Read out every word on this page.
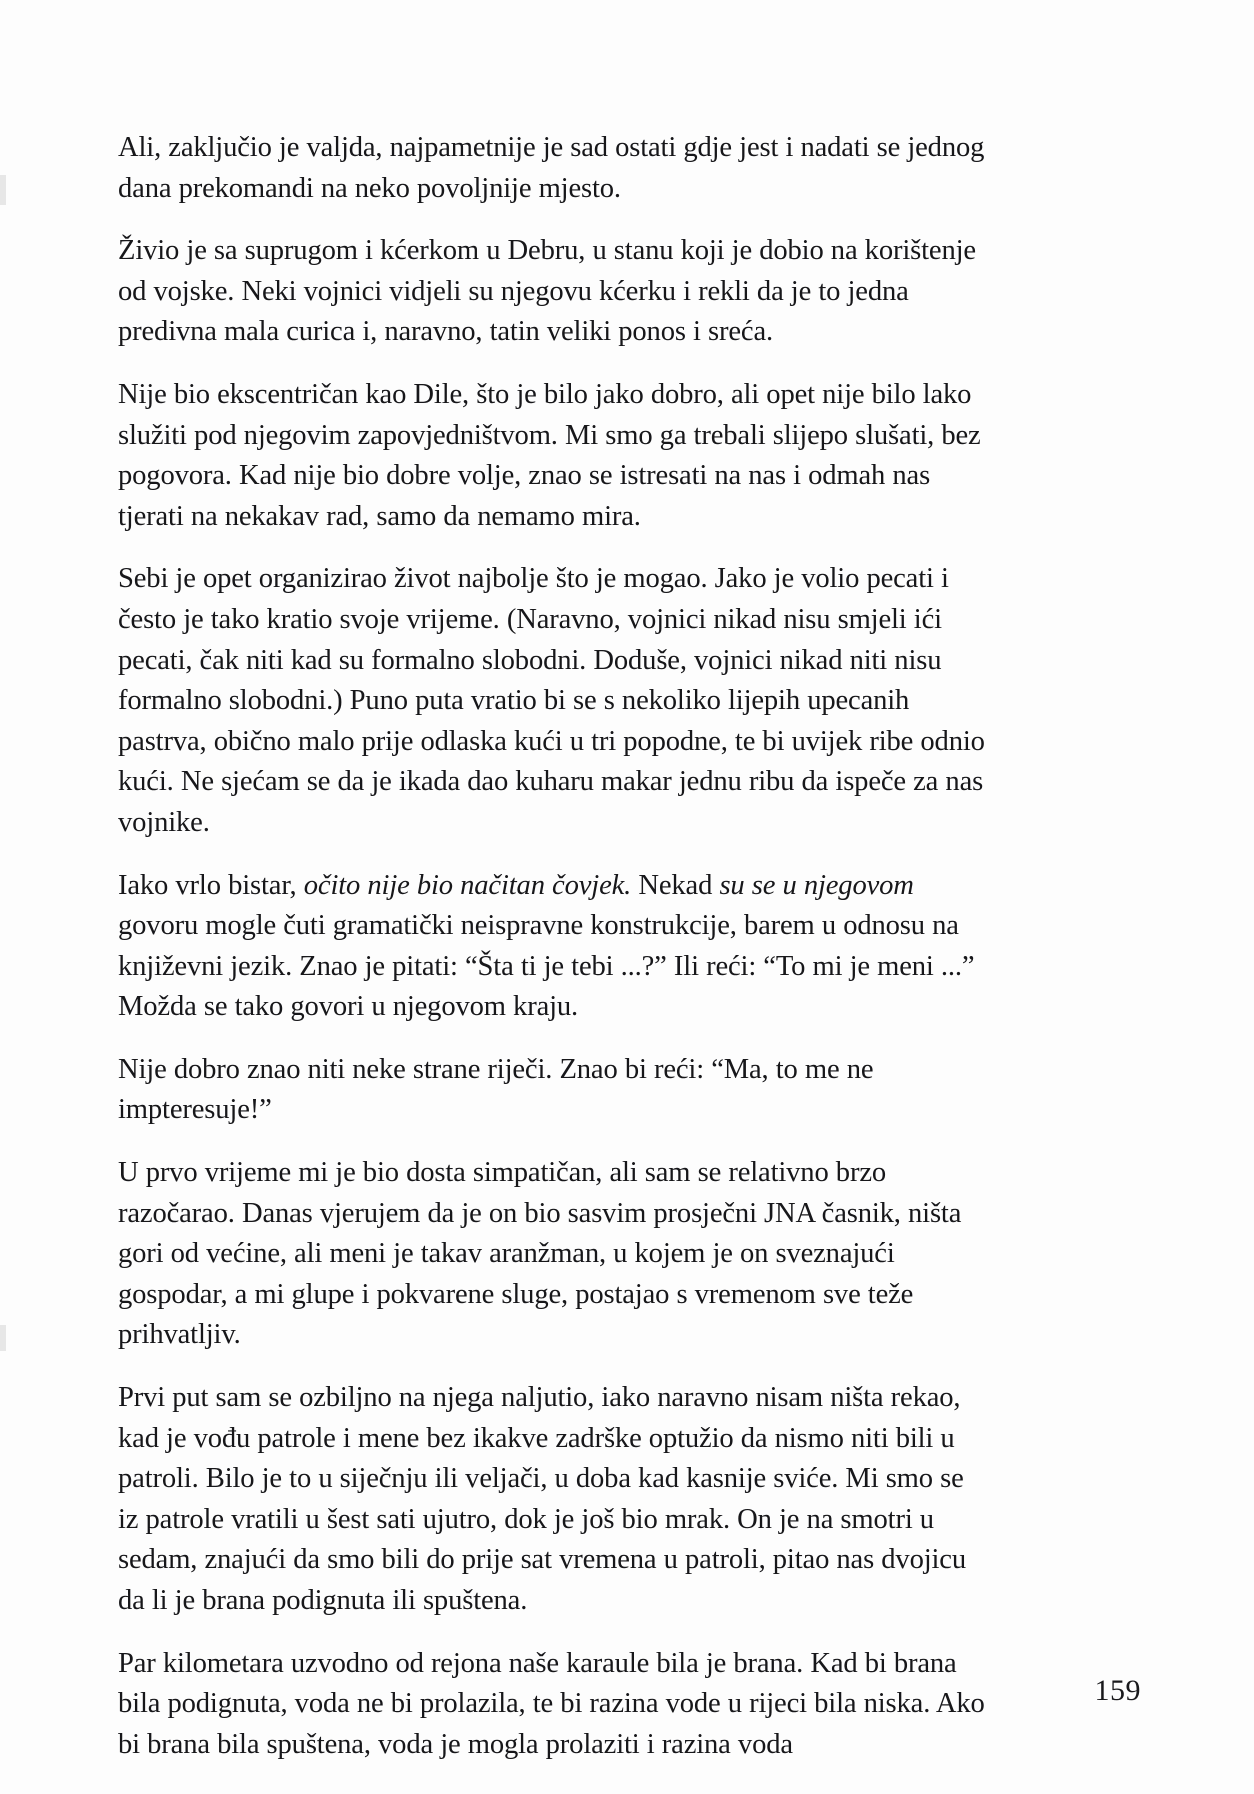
Ali, zaključio je valjda, najpametnije je sad ostati gdje jest i nadati se jednog dana prekomandi na neko povoljnije mjesto.

Živio je sa suprugom i kćerkom u Debru, u stanu koji je dobio na korištenje od vojske. Neki vojnici vidjeli su njegovu kćerku i rekli da je to jedna predivna mala curica i, naravno, tatin veliki ponos i sreća.

Nije bio ekscentričan kao Dile, što je bilo jako dobro, ali opet nije bilo lako služiti pod njegovim zapovjedništvom. Mi smo ga trebali slijepo slušati, bez pogovora. Kad nije bio dobre volje, znao se istresati na nas i odmah nas tjerati na nekakav rad, samo da nemamo mira.

Sebi je opet organizirao život najbolje što je mogao. Jako je volio pecati i često je tako kratio svoje vrijeme. (Naravno, vojnici nikad nisu smjeli ići pecati, čak niti kad su formalno slobodni. Doduše, vojnici nikad niti nisu formalno slobodni.) Puno puta vratio bi se s nekoliko lijepih upecanih pastrva, obično malo prije odlaska kući u tri popodne, te bi uvijek ribe odnio kući. Ne sjećam se da je ikada dao kuharu makar jednu ribu da ispeče za nas vojnike.

Iako vrlo bistar, očito nije bio načitan čovjek. Nekad su se u njegovom govoru mogle čuti gramatički neispravne konstrukcije, barem u odnosu na književni jezik. Znao je pitati: “Šta ti je tebi ...?” Ili reći: “To mi je meni ...” Možda se tako govori u njegovom kraju.

Nije dobro znao niti neke strane riječi. Znao bi reći: “Ma, to me ne impteresuje!”

U prvo vrijeme mi je bio dosta simpatičan, ali sam se relativno brzo razočarao. Danas vjerujem da je on bio sasvim prosječni JNA časnik, ništa gori od većine, ali meni je takav aranžman, u kojem je on sveznajući gospodar, a mi glupe i pokvarene sluge, postajao s vremenom sve teže prihvatljiv.

Prvi put sam se ozbiljno na njega naljutio, iako naravno nisam ništa rekao, kad je vođu patrole i mene bez ikakve zadrške optužio da nismo niti bili u patroli. Bilo je to u siječnju ili veljači, u doba kad kasnije sviće. Mi smo se iz patrole vratili u šest sati ujutro, dok je još bio mrak. On je na smotri u sedam, znajući da smo bili do prije sat vremena u patroli, pitao nas dvojicu da li je brana podignuta ili spuštena.

Par kilometara uzvodno od rejona naše karaule bila je brana. Kad bi brana bila podignuta, voda ne bi prolazila, te bi razina vode u rijeci bila niska. Ako bi brana bila spuštena, voda je mogla prolaziti i razina voda

159
